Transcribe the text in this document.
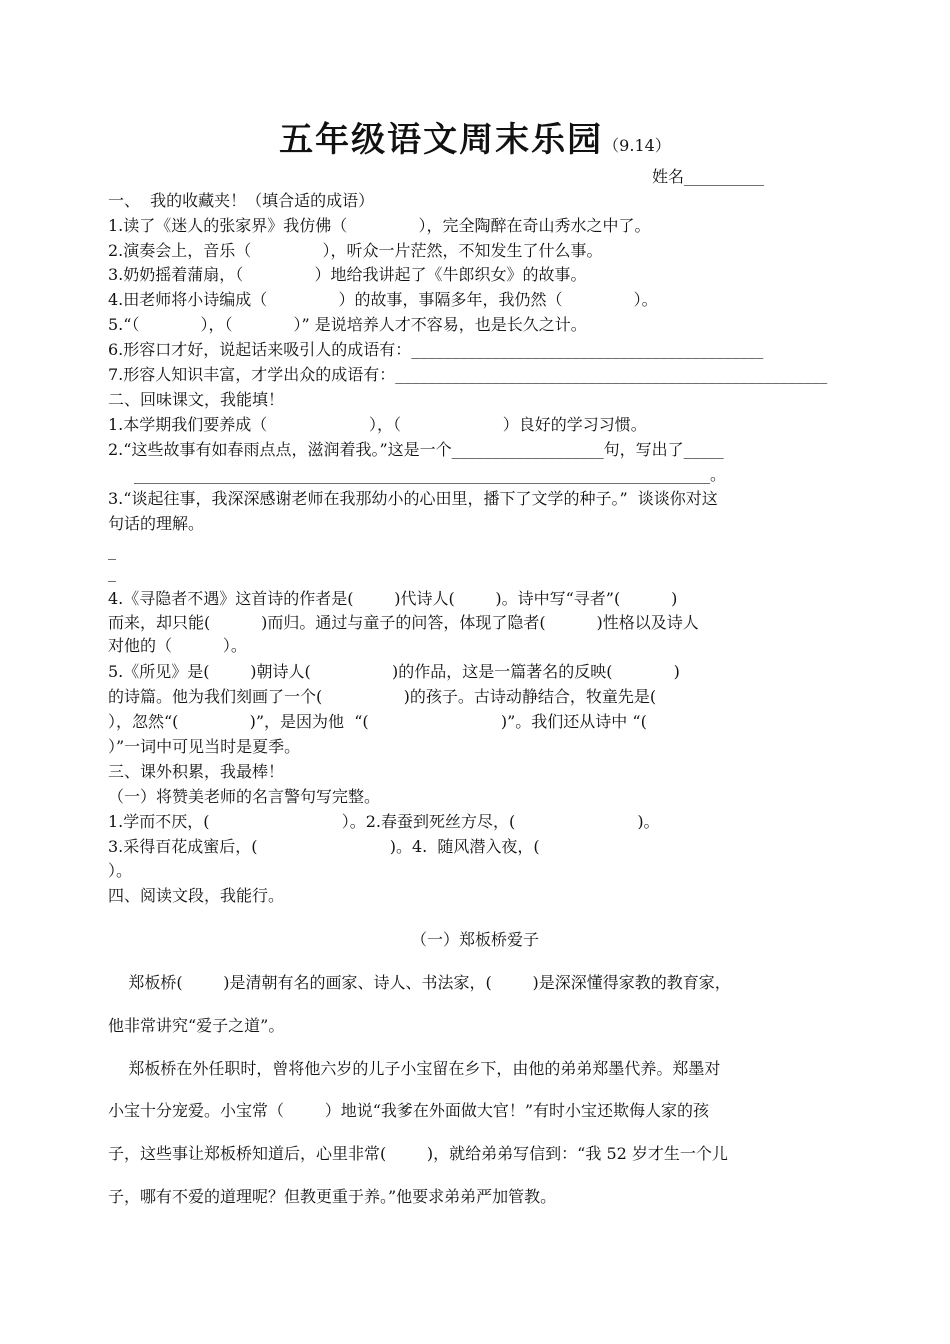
五年级语文周末乐园（9.14）
姓名__________
一、  我的收藏夹！（填合适的成语）
1.读了《迷人的张家界》我仿佛（              ），完全陶醉在奇山秀水之中了。
2.演奏会上，音乐（              ），听众一片茫然，不知发生了什么事。
3.奶奶摇着蒲扇，（              ）地给我讲起了《牛郎织女》的故事。
4.田老师将小诗编成（              ）的故事，事隔多年，我仍然（              ）。
5.“（            ），（            ）” 是说培养人才不容易，也是长久之计。
6.形容口才好，说起话来吸引人的成语有：____________________________________________
7.形容人知识丰富，才学出众的成语有：______________________________________________________
二、回味课文，我能填！
1.本学期我们要养成（                    ），（                    ）良好的学习习惯。
2.“这些故事有如春雨点点，滋润着我。”这是一个___________________句，写出了_____
________________________________________________________________________。
3.“谈起往事，我深深感谢老师在我那幼小的心田里，播下了文学的种子。”  谈谈你对这
句话的理解。
_
_
4.《寻隐者不遇》这首诗的作者是(        )代诗人(        )。诗中写“寻者”(          )
而来，却只能(          )而归。通过与童子的问答，体现了隐者(          )性格以及诗人
对他的（          ）。
5.《所见》是(        )朝诗人(                )的作品，这是一篇著名的反映(            )
的诗篇。他为我们刻画了一个(                )的孩子。古诗动静结合，牧童先是(
），忽然“(              )”，是因为他  “(                          )”。我们还从诗中 “(
）”一词中可见当时是夏季。
三、课外积累，我最棒！
（一）将赞美老师的名言警句写完整。
1.学而不厌，(                          ）。2.春蚕到死丝方尽，(                        )。
3.采得百花成蜜后，(                          )。4.  随风潜入夜，(
）。
四、阅读文段，我能行。
（一）郑板桥爱子
郑板桥(        )是清朝有名的画家、诗人、书法家，(        )是深深懂得家教的教育家，
他非常讲究“爱子之道”。
郑板桥在外任职时，曾将他六岁的儿子小宝留在乡下，由他的弟弟郑墨代养。郑墨对
小宝十分宠爱。小宝常（        ）地说“我爹在外面做大官！”有时小宝还欺侮人家的孩
子，这些事让郑板桥知道后，心里非常(        )，就给弟弟写信到：“我 52 岁才生一个儿
子，哪有不爱的道理呢？但教更重于养。”他要求弟弟严加管教。
